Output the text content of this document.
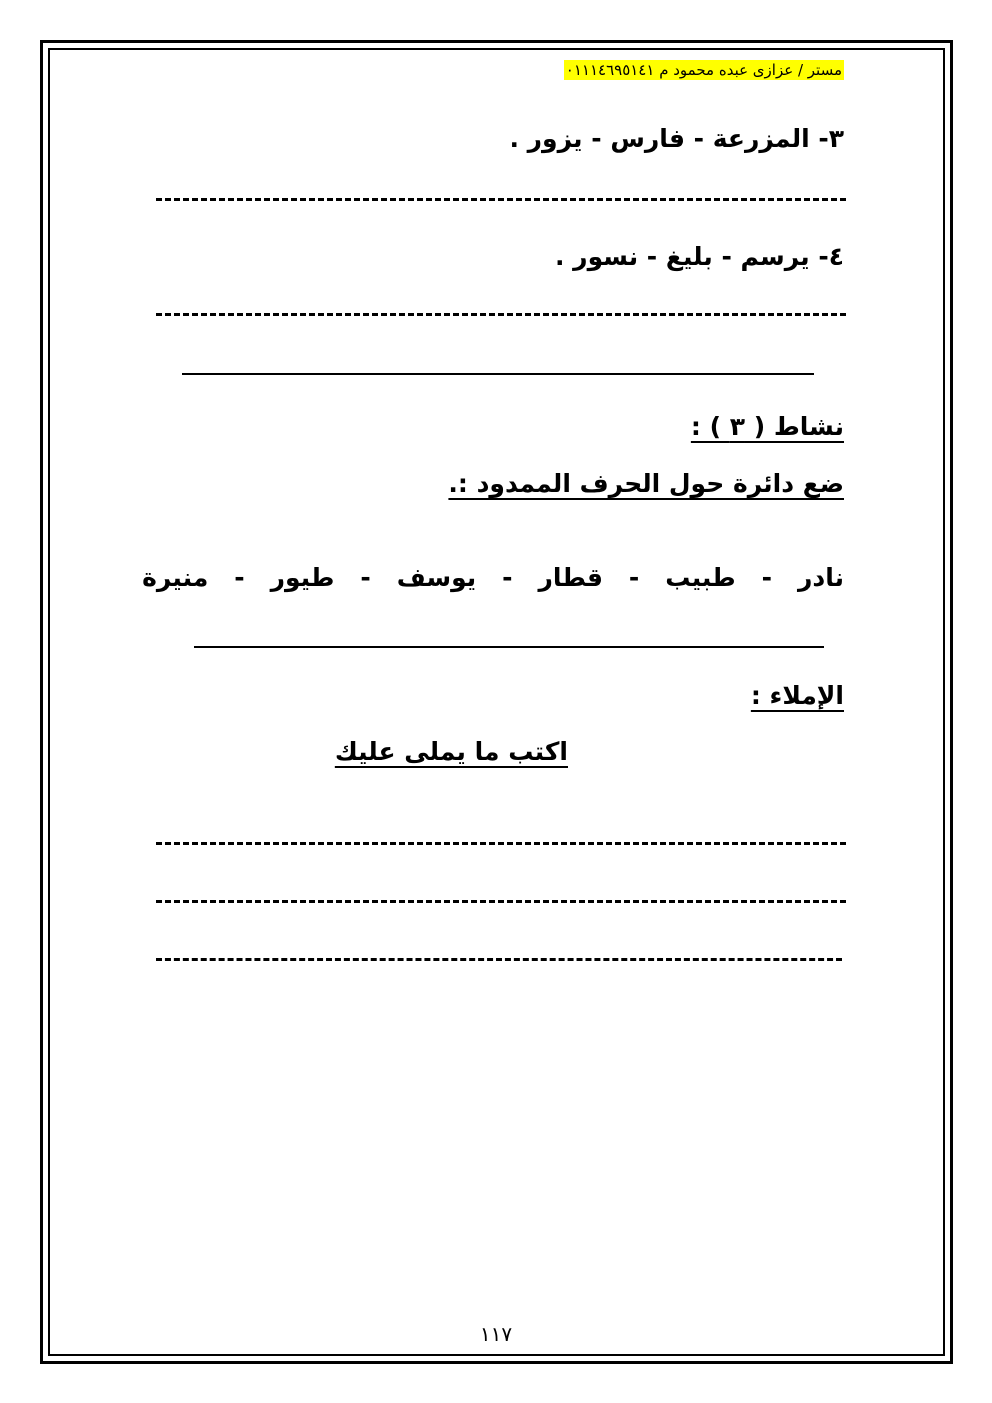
مستر / عزازى عبده محمود م ٠١١١٤٦٩٥١٤١
٣- المزرعة - فارس - يزور .
٤- يرسم - بليغ - نسور .
نشاط ( ٣ ) :
ضع دائرة حول الحرف الممدود :.
نادر
-
طبيب
-
قطار
-
يوسف
-
طيور
-
منيرة
الإملاء :
اكتب ما يملى عليك
١١٧
